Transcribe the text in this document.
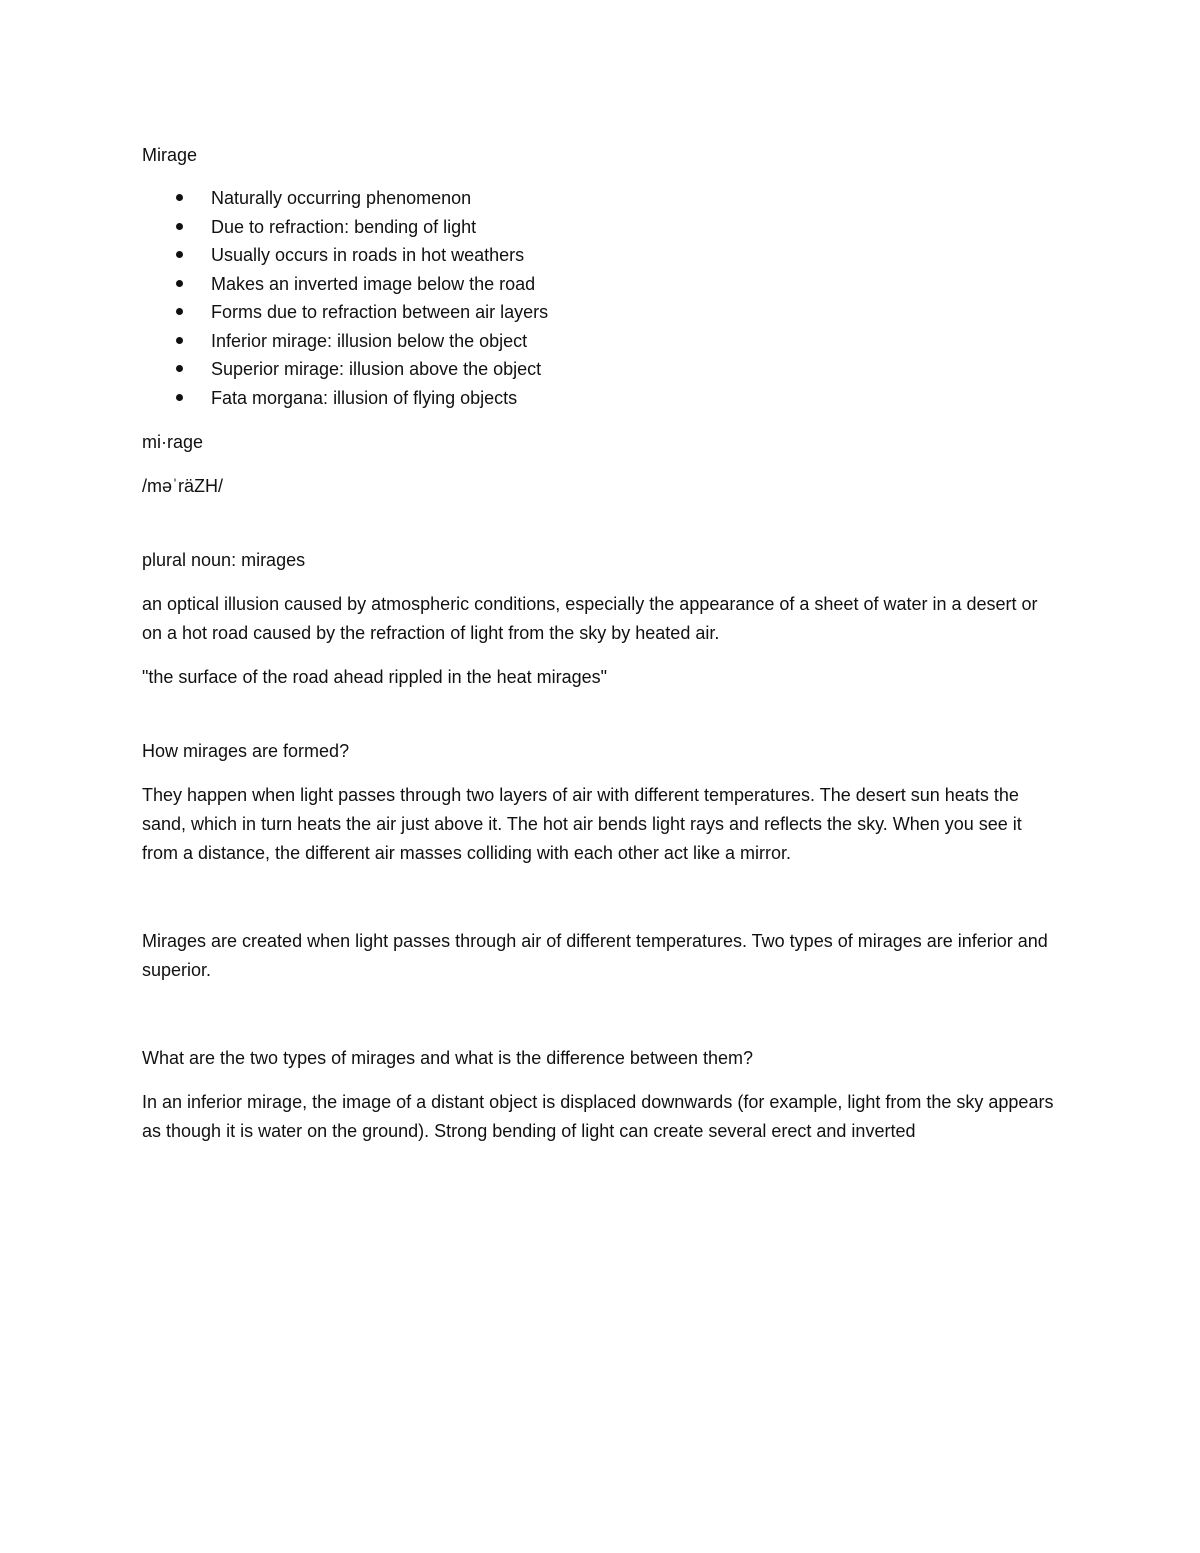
Mirage

Naturally occurring phenomenon
Due to refraction: bending of light
Usually occurs in roads in hot weathers
Makes an inverted image below the road
Forms due to refraction between air layers
Inferior mirage: illusion below the object
Superior mirage: illusion above the object
Fata morgana: illusion of flying objects

mi·rage

/məˈräZH/

plural noun: mirages

an optical illusion caused by atmospheric conditions, especially the appearance of a sheet of water in a desert or on a hot road caused by the refraction of light from the sky by heated air.

"the surface of the road ahead rippled in the heat mirages"

How mirages are formed?

They happen when light passes through two layers of air with different temperatures. The desert sun heats the sand, which in turn heats the air just above it. The hot air bends light rays and reflects the sky. When you see it from a distance, the different air masses colliding with each other act like a mirror.

Mirages are created when light passes through air of different temperatures. Two types of mirages are inferior and superior.

What are the two types of mirages and what is the difference between them?

In an inferior mirage, the image of a distant object is displaced downwards (for example, light from the sky appears as though it is water on the ground). Strong bending of light can create several erect and inverted
